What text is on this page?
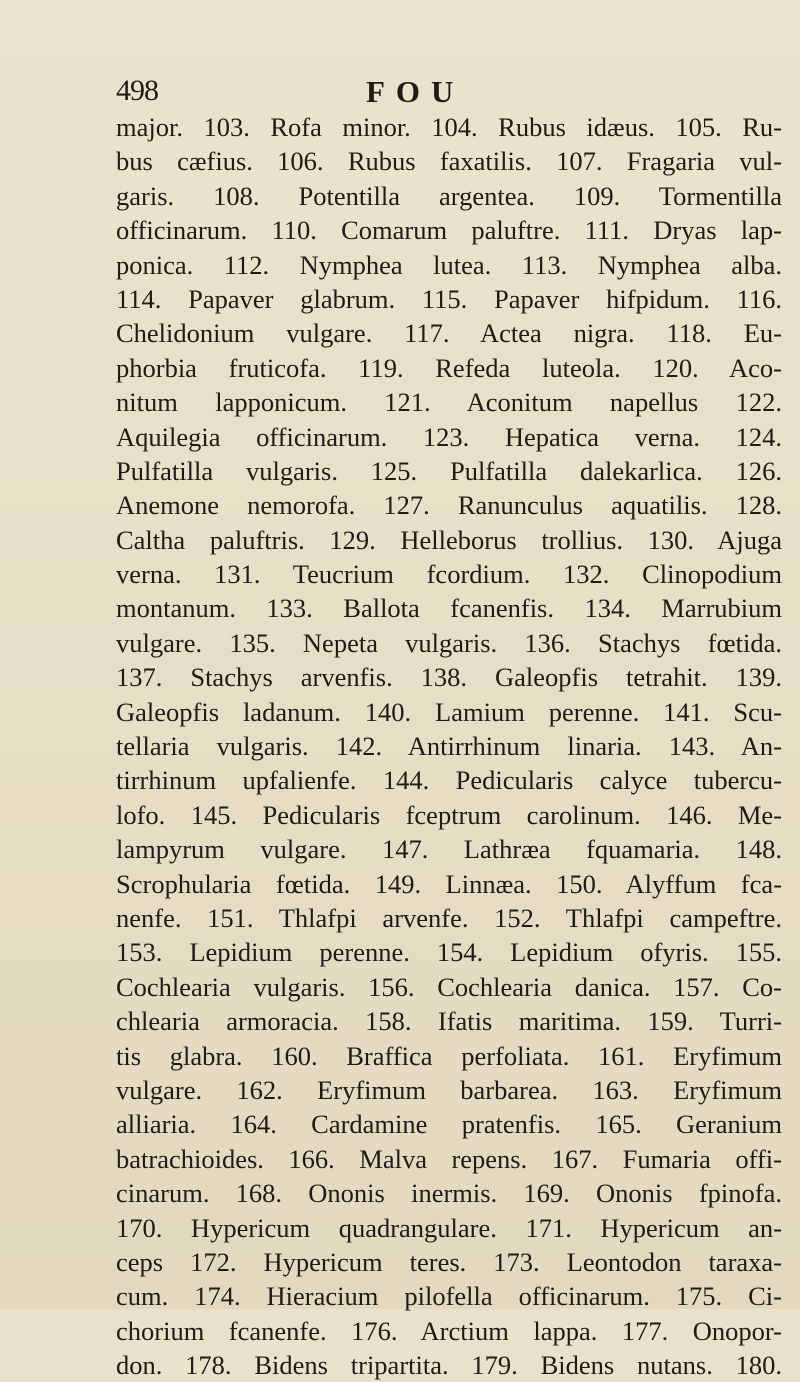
498	FOU
major. 103. Rofa minor. 104. Rubus idæus. 105. Ru-
bus cæfius. 106. Rubus faxatilis. 107. Fragaria vul-
garis. 108. Potentilla argentea. 109. Tormentilla
officinarum. 110. Comarum paluftre. 111. Dryas lap-
ponica. 112. Nymphea lutea. 113. Nymphea alba.
114. Papaver glabrum. 115. Papaver hifpidum. 116.
Chelidonium vulgare. 117. Actea nigra. 118. Eu-
phorbia fruticofa. 119. Refeda luteola. 120. Aco-
nitum lapponicum. 121. Aconitum napellus 122.
Aquilegia officinarum. 123. Hepatica verna. 124.
Pulfatilla vulgaris. 125. Pulfatilla dalekarlica. 126.
Anemone nemorofa. 127. Ranunculus aquatilis. 128.
Caltha paluftris. 129. Helleborus trollius. 130. Ajuga
verna. 131. Teucrium fcordium. 132. Clinopodium
montanum. 133. Ballota fcanenfis. 134. Marrubium
vulgare. 135. Nepeta vulgaris. 136. Stachys fœtida.
137. Stachys arvenfis. 138. Galeopfis tetrahit. 139.
Galeopfis ladanum. 140. Lamium perenne. 141. Scu-
tellaria vulgaris. 142. Antirrhinum linaria. 143. An-
tirrhinum upfalienfe. 144. Pedicularis calyce tubercu-
lofo. 145. Pedicularis fceptrum carolinum. 146. Me-
lampyrum vulgare. 147. Lathræa fquamaria. 148.
Scrophularia fœtida. 149. Linnæa. 150. Alyffum fca-
nenfe. 151. Thlafpi arvenfe. 152. Thlafpi campeftre.
153. Lepidium perenne. 154. Lepidium ofyris. 155.
Cochlearia vulgaris. 156. Cochlearia danica. 157. Co-
chlearia armoracia. 158. Ifatis maritima. 159. Turri-
tis glabra. 160. Braffica perfoliata. 161. Eryfimum
vulgare. 162. Eryfimum barbarea. 163. Eryfimum
alliaria. 164. Cardamine pratenfis. 165. Geranium
batrachioides. 166. Malva repens. 167. Fumaria offi-
cinarum. 168. Ononis inermis. 169. Ononis fpinofa.
170. Hypericum quadrangulare. 171. Hypericum an-
ceps 172. Hypericum teres. 173. Leontodon taraxa-
cum. 174. Hieracium pilofella officinarum. 175. Ci-
chorium fcanenfe. 176. Arctium lappa. 177. Onopor-
don. 178. Bidens tripartita. 179. Bidens nutans. 180.
